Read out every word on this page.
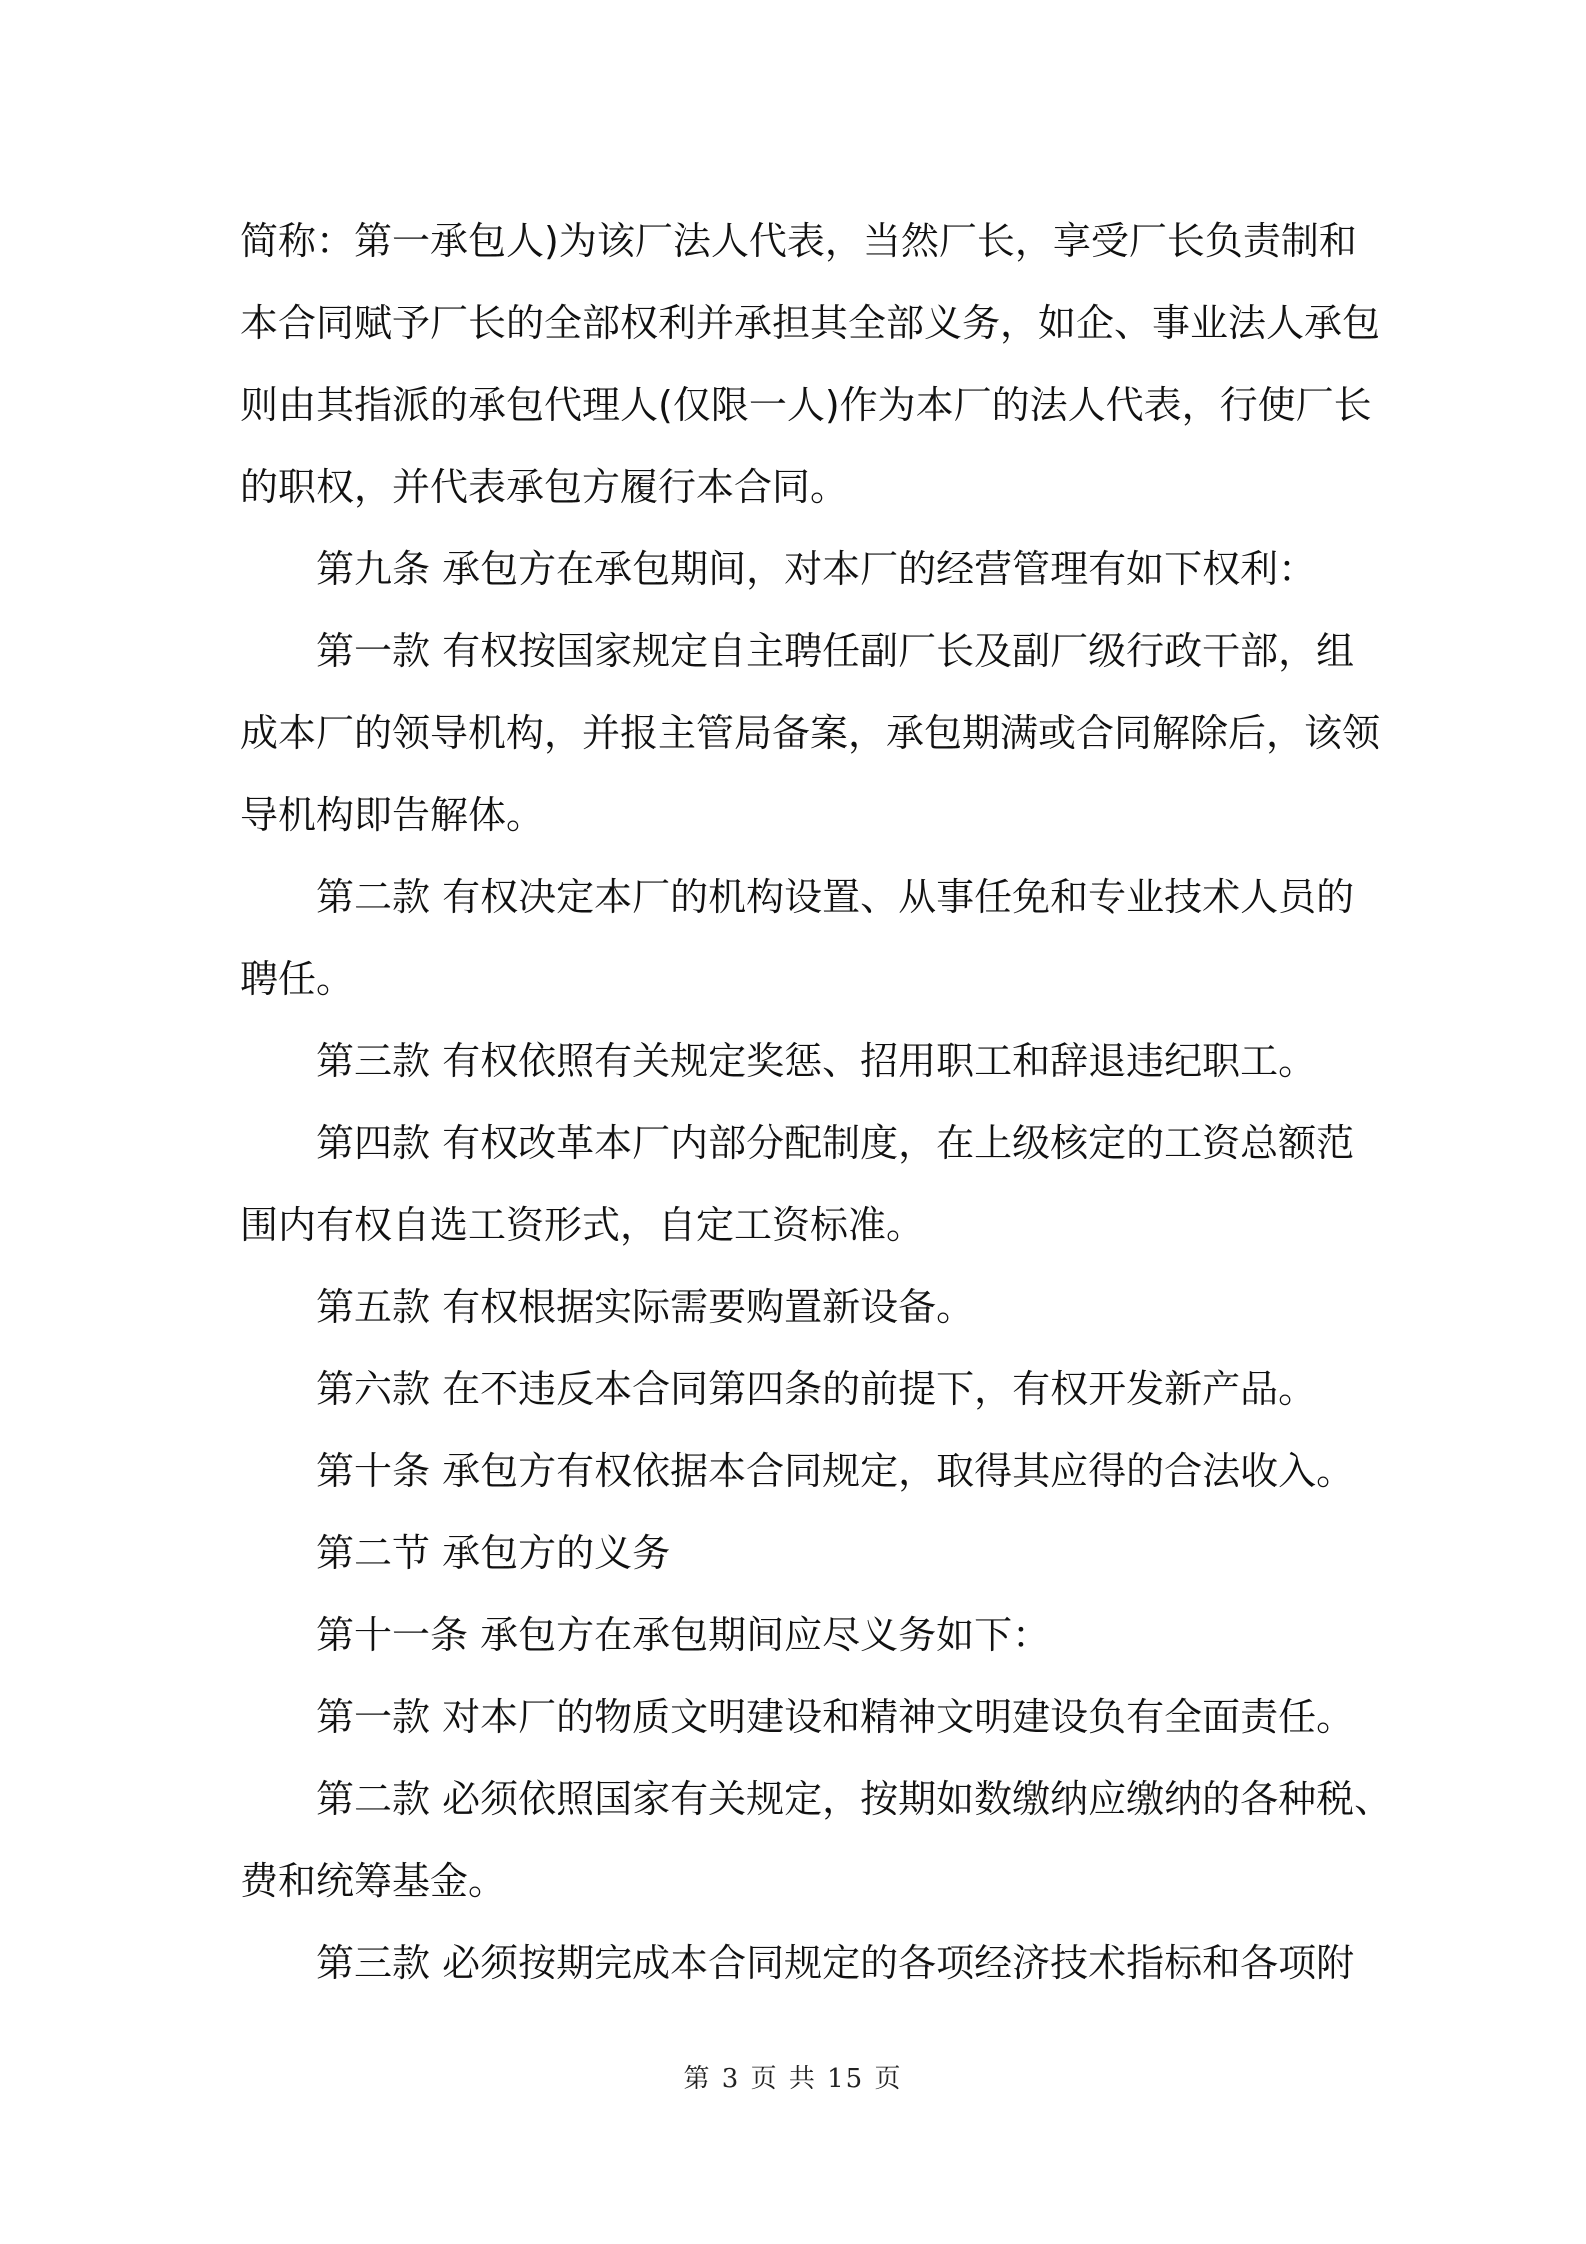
简称：第一承包人)为该厂法人代表，当然厂长，享受厂长负责制和
本合同赋予厂长的全部权利并承担其全部义务，如企、事业法人承包
则由其指派的承包代理人(仅限一人)作为本厂的法人代表，行使厂长
的职权，并代表承包方履行本合同。
第九条 承包方在承包期间，对本厂的经营管理有如下权利：
第一款 有权按国家规定自主聘任副厂长及副厂级行政干部，组
成本厂的领导机构，并报主管局备案，承包期满或合同解除后，该领
导机构即告解体。
第二款 有权决定本厂的机构设置、从事任免和专业技术人员的
聘任。
第三款 有权依照有关规定奖惩、招用职工和辞退违纪职工。
第四款 有权改革本厂内部分配制度，在上级核定的工资总额范
围内有权自选工资形式，自定工资标准。
第五款 有权根据实际需要购置新设备。
第六款 在不违反本合同第四条的前提下，有权开发新产品。
第十条 承包方有权依据本合同规定，取得其应得的合法收入。
第二节 承包方的义务
第十一条 承包方在承包期间应尽义务如下：
第一款 对本厂的物质文明建设和精神文明建设负有全面责任。
第二款 必须依照国家有关规定，按期如数缴纳应缴纳的各种税、
费和统筹基金。
第三款 必须按期完成本合同规定的各项经济技术指标和各项附
第 3 页 共 15 页
